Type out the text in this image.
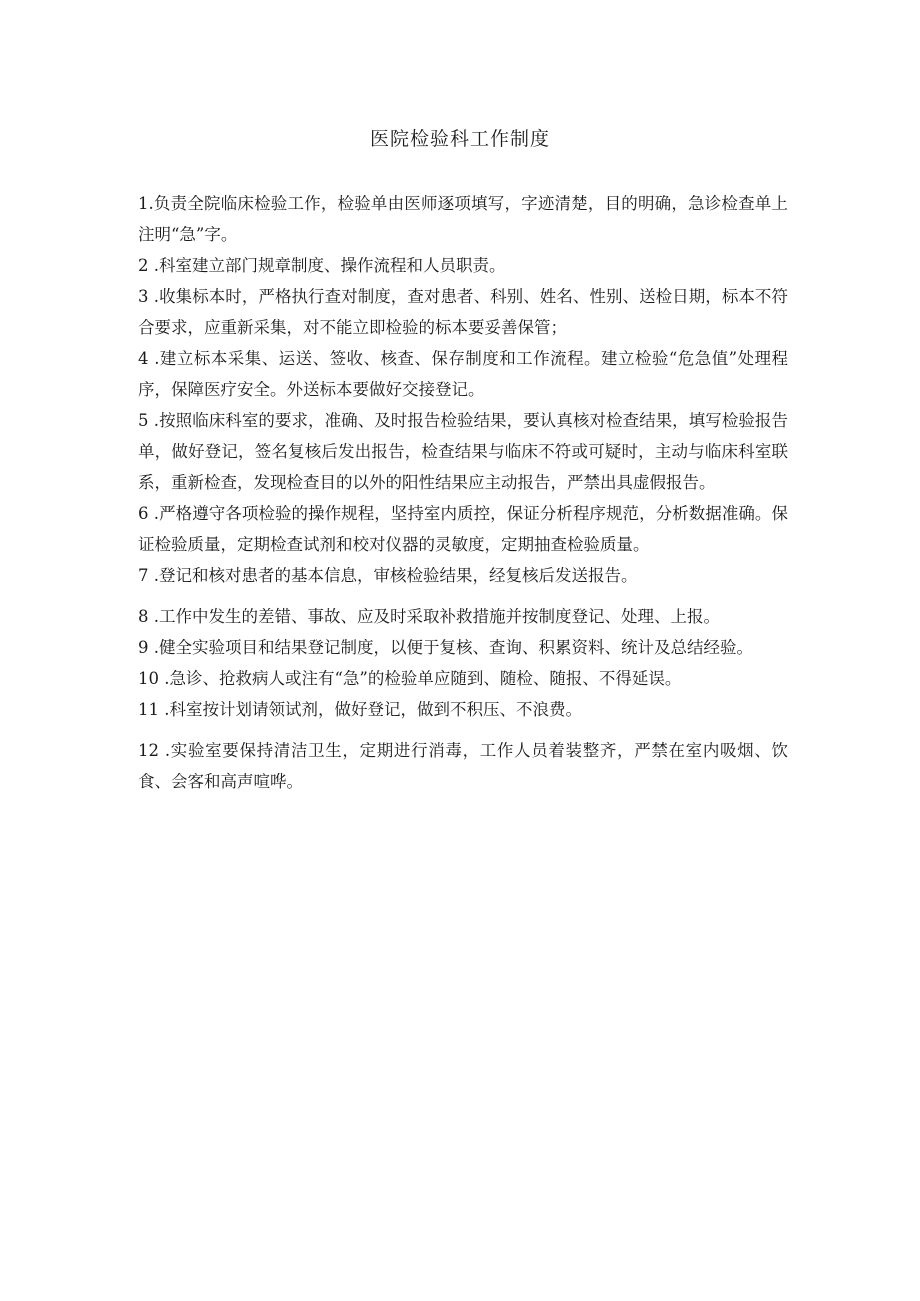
医院检验科工作制度

1.负责全院临床检验工作，检验单由医师逐项填写，字迹清楚，目的明确，急诊检查单上注明“急”字。

2 .科室建立部门规章制度、操作流程和人员职责。

3 .收集标本时，严格执行查对制度，查对患者、科别、姓名、性别、送检日期，标本不符合要求，应重新采集，对不能立即检验的标本要妥善保管；

4 .建立标本采集、运送、签收、核查、保存制度和工作流程。建立检验“危急值”处理程序，保障医疗安全。外送标本要做好交接登记。

5 .按照临床科室的要求，准确、及时报告检验结果，要认真核对检查结果，填写检验报告单，做好登记，签名复核后发出报告，检查结果与临床不符或可疑时，主动与临床科室联系，重新检查，发现检查目的以外的阳性结果应主动报告，严禁出具虚假报告。

6 .严格遵守各项检验的操作规程，坚持室内质控，保证分析程序规范，分析数据准确。保证检验质量，定期检查试剂和校对仪器的灵敏度，定期抽查检验质量。

7 .登记和核对患者的基本信息，审核检验结果，经复核后发送报告。

8 .工作中发生的差错、事故、应及时采取补救措施并按制度登记、处理、上报。

9 .健全实验项目和结果登记制度，以便于复核、查询、积累资料、统计及总结经验。

10 .急诊、抢救病人或注有“急”的检验单应随到、随检、随报、不得延误。

11 .科室按计划请领试剂，做好登记，做到不积压、不浪费。

12 .实验室要保持清洁卫生，定期进行消毒，工作人员着装整齐，严禁在室内吸烟、饮食、会客和高声喧哗。
